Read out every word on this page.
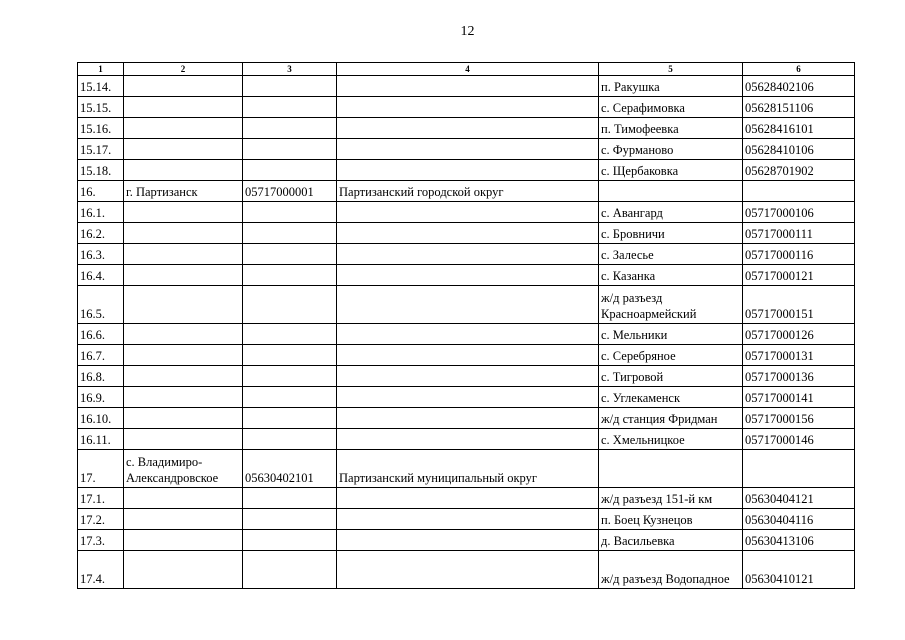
12
1	2	3	4	5	6
15.14.				п. Ракушка	05628402106
15.15.				с. Серафимовка	05628151106
15.16.				п. Тимофеевка	05628416101
15.17.				с. Фурманово	05628410106
15.18.				с. Щербаковка	05628701902
16.	г. Партизанск	05717000001	Партизанский городской округ		
16.1.				с. Авангард	05717000106
16.2.				с. Бровничи	05717000111
16.3.				с. Залесье	05717000116
16.4.				с. Казанка	05717000121
16.5.				ж/д разъезд Красноармейский	05717000151
16.6.				с. Мельники	05717000126
16.7.				с. Серебряное	05717000131
16.8.				с. Тигровой	05717000136
16.9.				с. Углекаменск	05717000141
16.10.				ж/д станция Фридман	05717000156
16.11.				с. Хмельницкое	05717000146
17.	с. Владимиро-Александровское	05630402101	Партизанский муниципальный округ		
17.1.				ж/д разъезд 151-й км	05630404121
17.2.				п. Боец Кузнецов	05630404116
17.3.				д. Васильевка	05630413106
17.4.				ж/д разъезд Водопадное	05630410121
